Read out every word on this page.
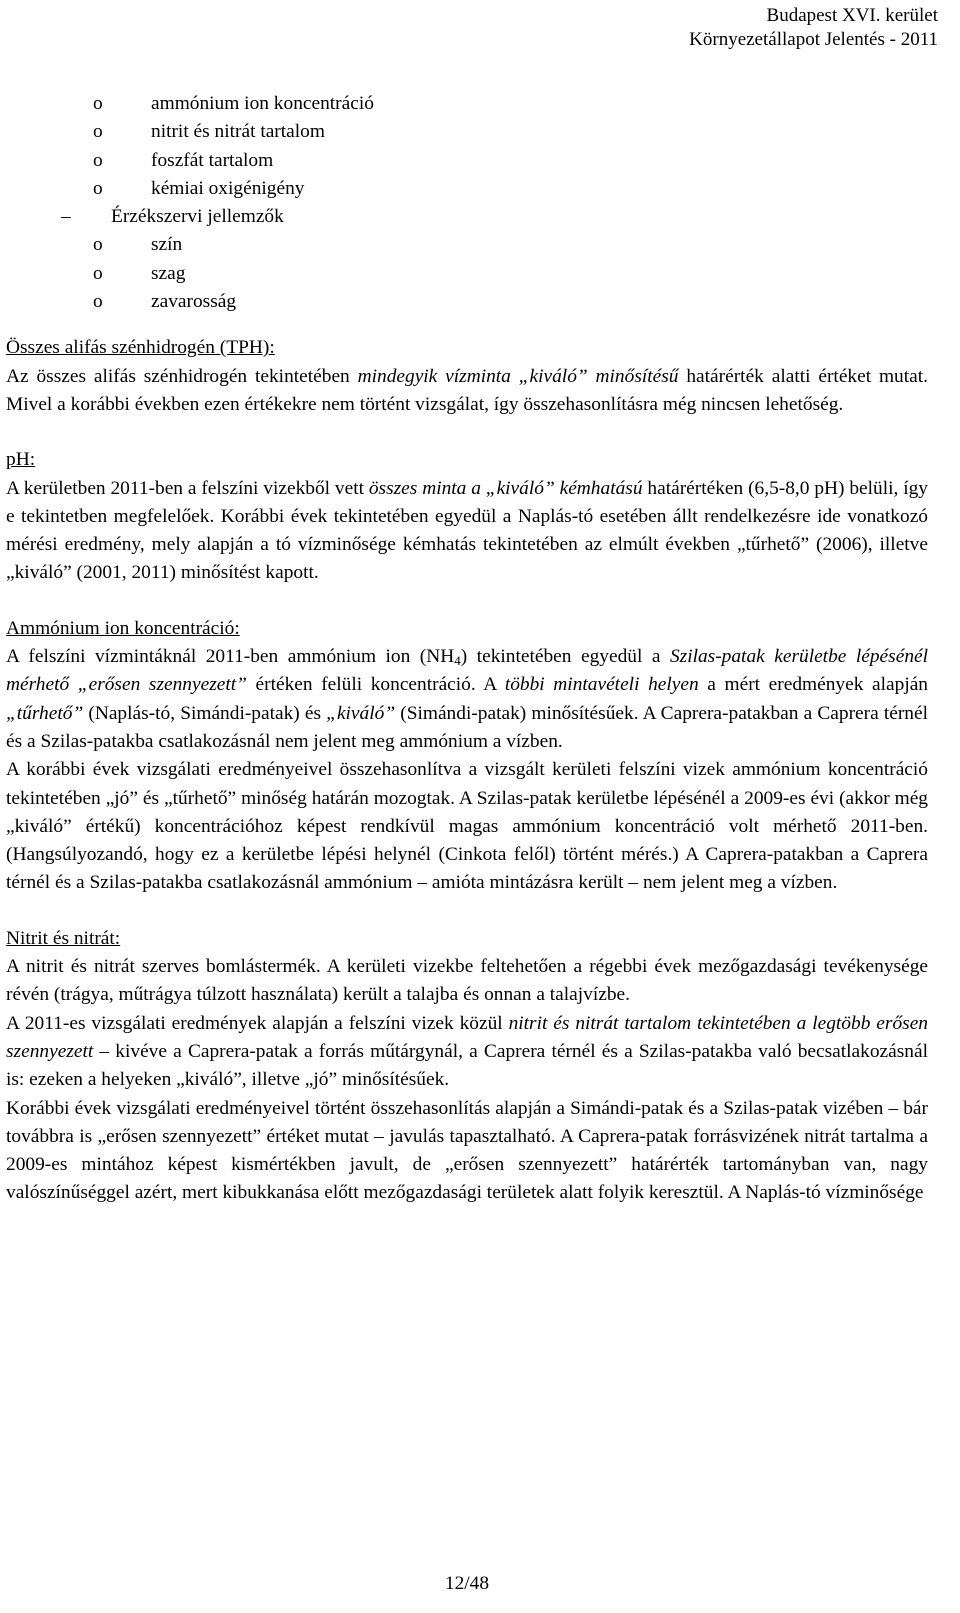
Budapest XVI. kerület
Környezetállapot Jelentés - 2011
o ammónium ion koncentráció
o nitrit és nitrát tartalom
o foszfát tartalom
o kémiai oxigénigény
– Érzékszervi jellemzők
o szín
o szag
o zavarosság
Összes alifás szénhidrogén (TPH):

Az összes alifás szénhidrogén tekintetében mindegyik vízminta „kiváló” minősítésű határérték alatti értéket mutat. Mivel a korábbi években ezen értékekre nem történt vizsgálat, így összehasonlításra még nincsen lehetőség.

pH:

A kerületben 2011-ben a felszíni vizekből vett összes minta a „kiváló” kémhatású határértéken (6,5-8,0 pH) belüli, így e tekintetben megfelelőek. Korábbi évek tekintetében egyedül a Naplás-tó esetében állt rendelkezésre ide vonatkozó mérési eredmény, mely alapján a tó vízminősége kémhatás tekintetében az elmúlt években „tűrhető” (2006), illetve „kiváló” (2001, 2011) minősítést kapott.

Ammónium ion koncentráció:

A felszíni vízmintáknál 2011-ben ammónium ion $(NH_4)$ tekintetében egyedül a Szilas-patak kerületbe lépésénél mérhető „erősen szennyezett” értéken felüli koncentráció. A többi mintavételi helyen a mért eredmények alapján „tűrhető” (Naplás-tó, Simándi-patak) és „kiváló” (Simándi-patak) minősítésűek. A Caprera-patakban a Caprera térnél és a Szilas-patakba csatlakozásnál nem jelent meg ammónium a vízben.

A korábbi évek vizsgálati eredményeivel összehasonlítva a vizsgált kerületi felszíni vizek ammónium koncentráció tekintetében „jó” és „tűrhető” minőség határán mozogtak. A Szilas-patak kerületbe lépésénél a 2009-es évi (akkor még „kiváló” értékű) koncentrációhoz képest rendkívül magas ammónium koncentráció volt mérhető 2011-ben. (Hangsúlyozandó, hogy ez a kerületbe lépési helynél (Cinkota felől) történt mérés.) A Caprera-patakban a Caprera térnél és a Szilas-patakba csatlakozásnál ammónium – amióta mintázásra került – nem jelent meg a vízben.

Nitrit és nitrát:

A nitrit és nitrát szerves bomlástermék. A kerületi vizekbe feltehetően a régebbi évek mezőgazdasági tevékenysége révén (trágya, műtrágya túlzott használata) került a talajba és onnan a talajvízbe.

A 2011-es vizsgálati eredmények alapján a felszíni vizek közül nitrit és nitrát tartalom tekintetében a legtöbb erősen szennyezett – kivéve a Caprera-patak a forrás műtárgynál, a Caprera térnél és a Szilas-patakba való becsatlakozásnál is: ezeken a helyeken „kiváló”, illetve „jó” minősítésűek.

Korábbi évek vizsgálati eredményeivel történt összehasonlítás alapján a Simándi-patak és a Szilas-patak vizében – bár továbbra is „erősen szennyezett” értéket mutat – javulás tapasztalható. A Caprera-patak forrásvizének nitrát tartalma a 2009-es mintához képest kismértékben javult, de „erősen szennyezett” határérték tartományban van, nagy valószínűséggel azért, mert kibukkanása előtt mezőgazdasági területek alatt folyik keresztül. A Naplás-tó vízminősége

12/48
